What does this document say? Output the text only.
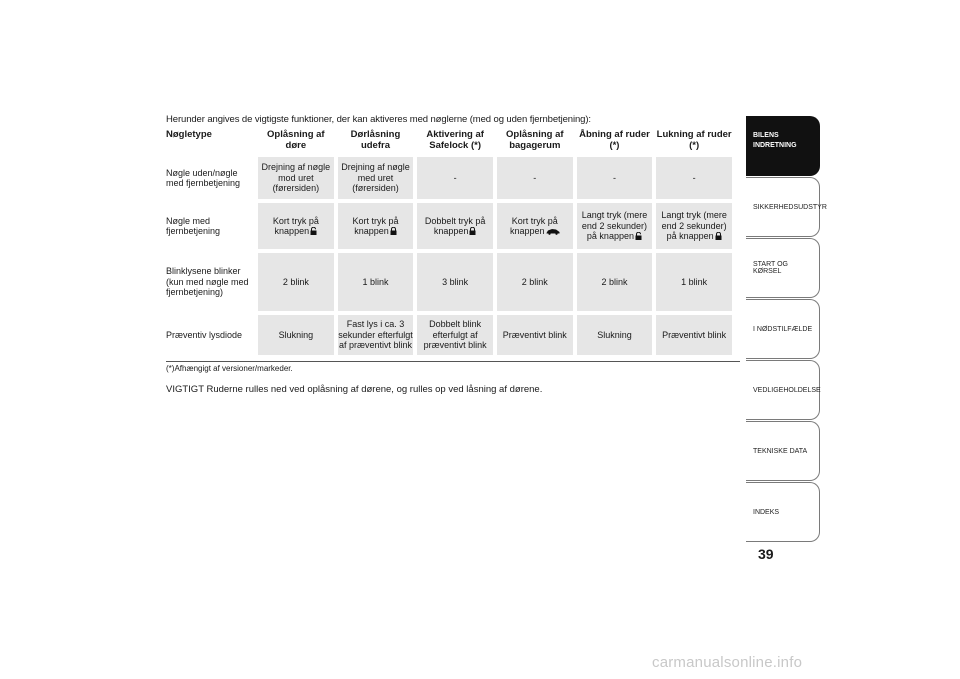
Herunder angives de vigtigste funktioner, der kan aktiveres med nøglerne (med og uden fjernbetjening):
Nøgletype	Oplåsning af døre	Dørlåsning udefra	Aktivering af Safelock (*)	Oplåsning af bagagerum	Åbning af ruder (*)	Lukning af ruder (*)
Nøgle uden/nøgle med fjernbetjening	Drejning af nøgle mod uret (førersiden)	Drejning af nøgle med uret (førersiden)	-	-	-	-

Nøgle med fjernbetjening	Kort tryk på knappen	Kort tryk på knappen	Dobbelt tryk på knappen	Kort tryk på knappen	Langt tryk (mere end 2 sekunder) på knappen	Langt tryk (mere end 2 sekunder) på knappen

Blinklysene blinker (kun med nøgle med fjernbetjening)	2 blink	1 blink	3 blink	2 blink	2 blink	1 blink

Præventiv lysdiode	Slukning	Fast lys i ca. 3 sekunder efterfulgt af præventivt blink	Dobbelt blink efterfulgt af præventivt blink	Præventivt blink	Slukning	Præventivt blink
(*)Afhængigt af versioner/markeder.
VIGTIGT Ruderne rulles ned ved oplåsning af dørene, og rulles op ved låsning af dørene.
BILENS INDRETNING
SIKKERHEDSUDSTYR
START OG KØRSEL
I NØDSTILFÆLDE
VEDLIGEHOLDELSE
TEKNISKE DATA
INDEKS
39
carmanualsonline.info
